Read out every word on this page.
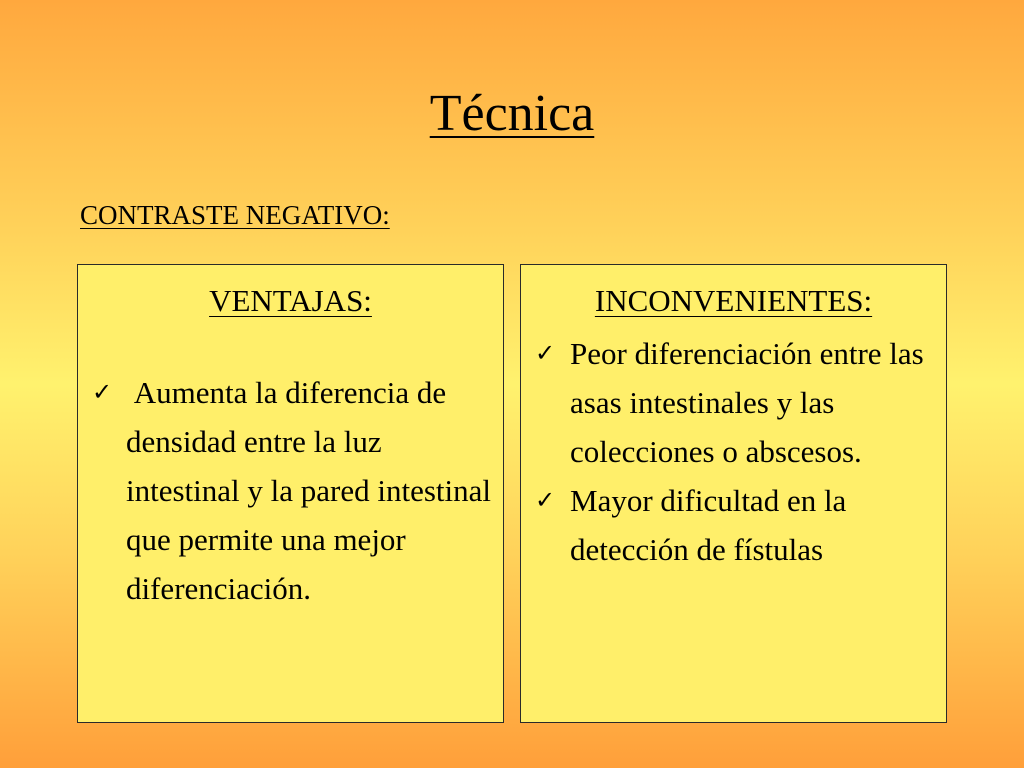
Técnica
CONTRASTE NEGATIVO:
VENTAJAS:
✓ Aumenta la diferencia de densidad entre la luz intestinal y la pared intestinal  que permite una mejor diferenciación.
INCONVENIENTES:
✓ Peor diferenciación entre las asas intestinales y las colecciones o abscesos.
✓ Mayor dificultad en la detección de fístulas
